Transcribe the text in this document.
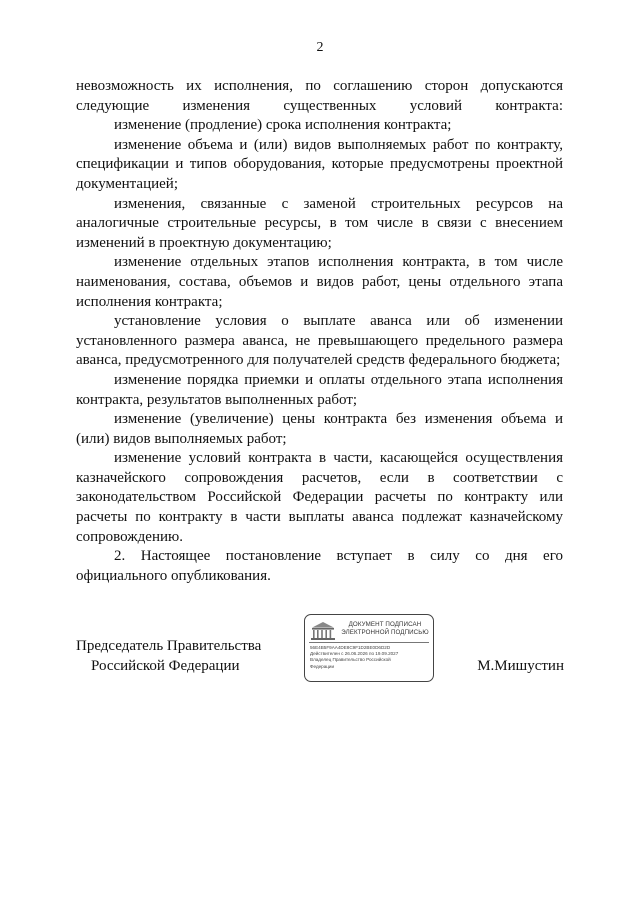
2

невозможность их исполнения, по соглашению сторон допускаются следующие изменения существенных условий контракта:

изменение (продление) срока исполнения контракта;

изменение объема и (или) видов выполняемых работ по контракту, спецификации и типов оборудования, которые предусмотрены проектной документацией;

изменения, связанные с заменой строительных ресурсов на аналогичные строительные ресурсы, в том числе в связи с внесением изменений в проектную документацию;

изменение отдельных этапов исполнения контракта, в том числе наименования, состава, объемов и видов работ, цены отдельного этапа исполнения контракта;

установление условия о выплате аванса или об изменении установленного размера аванса, не превышающего предельного размера аванса, предусмотренного для получателей средств федерального бюджета;

изменение порядка приемки и оплаты отдельного этапа исполнения контракта, результатов выполненных работ;

изменение (увеличение) цены контракта без изменения объема и (или) видов выполняемых работ;

изменение условий контракта в части, касающейся осуществления казначейского сопровождения расчетов, если в соответствии с законодательством Российской Федерации расчеты по контракту или расчеты по контракту в части выплаты аванса подлежат казначейскому сопровождению.

2. Настоящее постановление вступает в силу со дня его официального опубликования.

Председатель Правительства
Российской Федерации
ДОКУМЕНТ ПОДПИСАН
ЭЛЕКТРОННОЙ ПОДПИСЬЮ
56E4B5F9AA4DE8C9F1D2BE0D6D2D
Действителен с 26.06.2026 по 19.09.2027
Владелец Правительство Российской
Федерации	М.Мишустин
